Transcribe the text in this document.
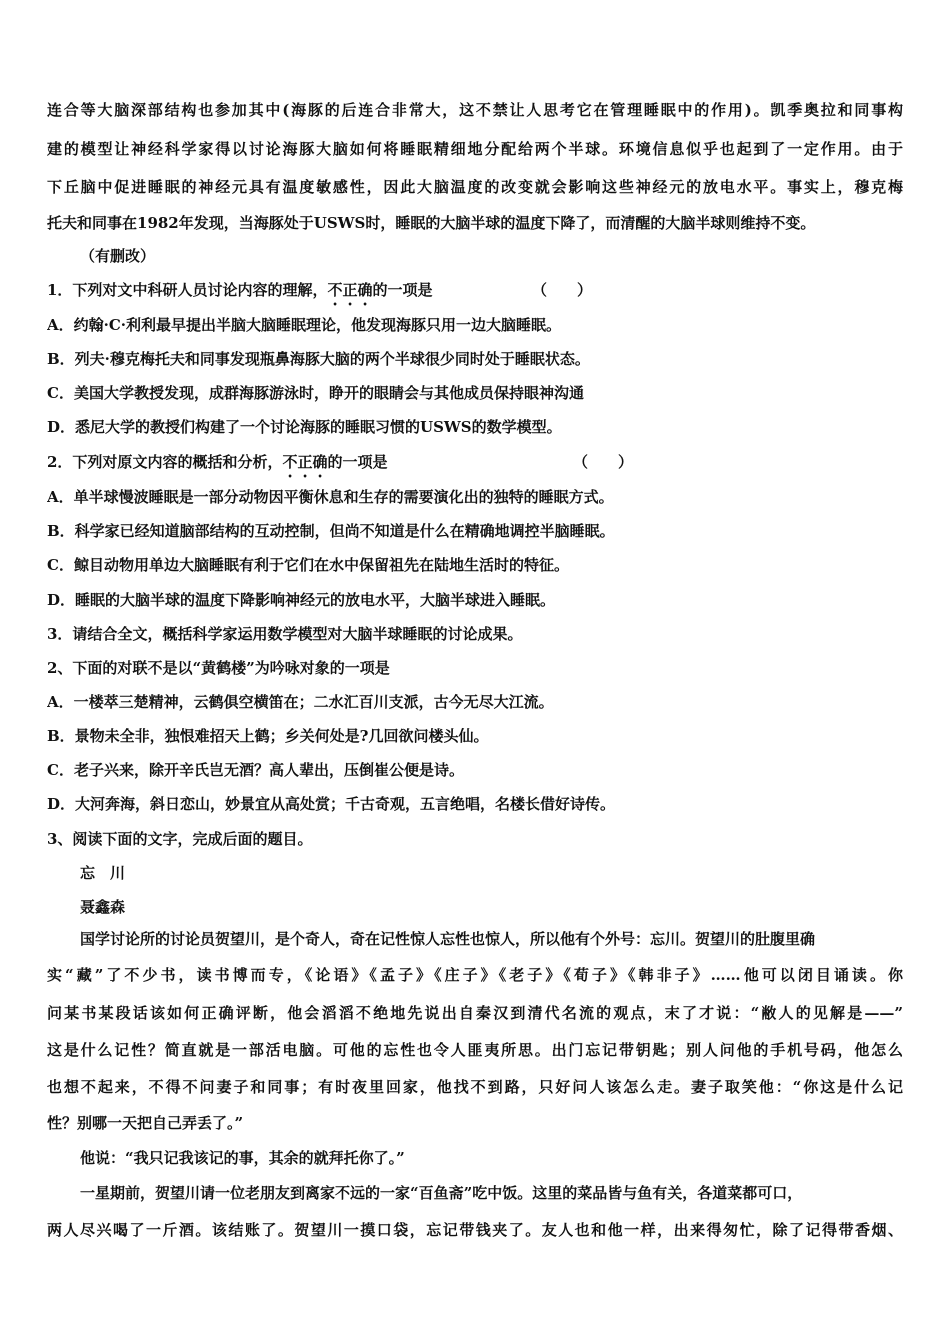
连合等大脑深部结构也参加其中(海豚的后连合非常大，这不禁让人思考它在管理睡眠中的作用)。凯季奥拉和同事构
建的模型让神经科学家得以讨论海豚大脑如何将睡眠精细地分配给两个半球。环境信息似乎也起到了一定作用。由于
下丘脑中促进睡眠的神经元具有温度敏感性，因此大脑温度的改变就会影响这些神经元的放电水平。事实上，穆克梅
托夫和同事在1982年发现，当海豚处于USWS时，睡眠的大脑半球的温度下降了，而清醒的大脑半球则维持不变。
（有删改）
1．下列对文中科研人员讨论内容的理解，不正确的一项是	（　　）
A．约翰·C·利利最早提出半脑大脑睡眠理论，他发现海豚只用一边大脑睡眠。
B．列夫·穆克梅托夫和同事发现瓶鼻海豚大脑的两个半球很少同时处于睡眠状态。
C．美国大学教授发现，成群海豚游泳时，睁开的眼睛会与其他成员保持眼神沟通
D．悉尼大学的教授们构建了一个讨论海豚的睡眠习惯的USWS的数学模型。
2．下列对原文内容的概括和分析，不正确的一项是	（　　）
A．单半球慢波睡眠是一部分动物因平衡休息和生存的需要演化出的独特的睡眠方式。
B．科学家已经知道脑部结构的互动控制，但尚不知道是什么在精确地调控半脑睡眠。
C．鲸目动物用单边大脑睡眠有利于它们在水中保留祖先在陆地生活时的特征。
D．睡眠的大脑半球的温度下降影响神经元的放电水平，大脑半球进入睡眠。
3．请结合全文，概括科学家运用数学模型对大脑半球睡眠的讨论成果。
2、下面的对联不是以“黄鹤楼”为吟咏对象的一项是
A．一楼萃三楚精神，云鹤俱空横笛在；二水汇百川支派，古今无尽大江流。
B．景物未全非，独恨难招天上鹤；乡关何处是?几回欲问楼头仙。
C．老子兴来，除开辛氏岂无酒？高人辈出，压倒崔公便是诗。
D．大河奔海，斜日恋山，妙景宜从高处赏；千古奇观，五言绝唱，名楼长借好诗传。
3、阅读下面的文字，完成后面的题目。
忘　川
聂鑫森
国学讨论所的讨论员贺望川，是个奇人，奇在记性惊人忘性也惊人，所以他有个外号：忘川。贺望川的肚腹里确
实“藏”了不少书，读书博而专，《论语》《孟子》《庄子》《老子》《荀子》《韩非子》……他可以闭目诵读。你
问某书某段话该如何正确评断，他会滔滔不绝地先说出自秦汉到清代名流的观点，末了才说：“敝人的见解是——”
这是什么记性？简直就是一部活电脑。可他的忘性也令人匪夷所思。出门忘记带钥匙；别人问他的手机号码，他怎么
也想不起来，不得不问妻子和同事；有时夜里回家，他找不到路，只好问人该怎么走。妻子取笑他：“你这是什么记
性？别哪一天把自己弄丢了。”
他说：“我只记我该记的事，其余的就拜托你了。”
一星期前，贺望川请一位老朋友到离家不远的一家“百鱼斋”吃中饭。这里的菜品皆与鱼有关，各道菜都可口，
两人尽兴喝了一斤酒。该结账了。贺望川一摸口袋，忘记带钱夹了。友人也和他一样，出来得匆忙，除了记得带香烟、
